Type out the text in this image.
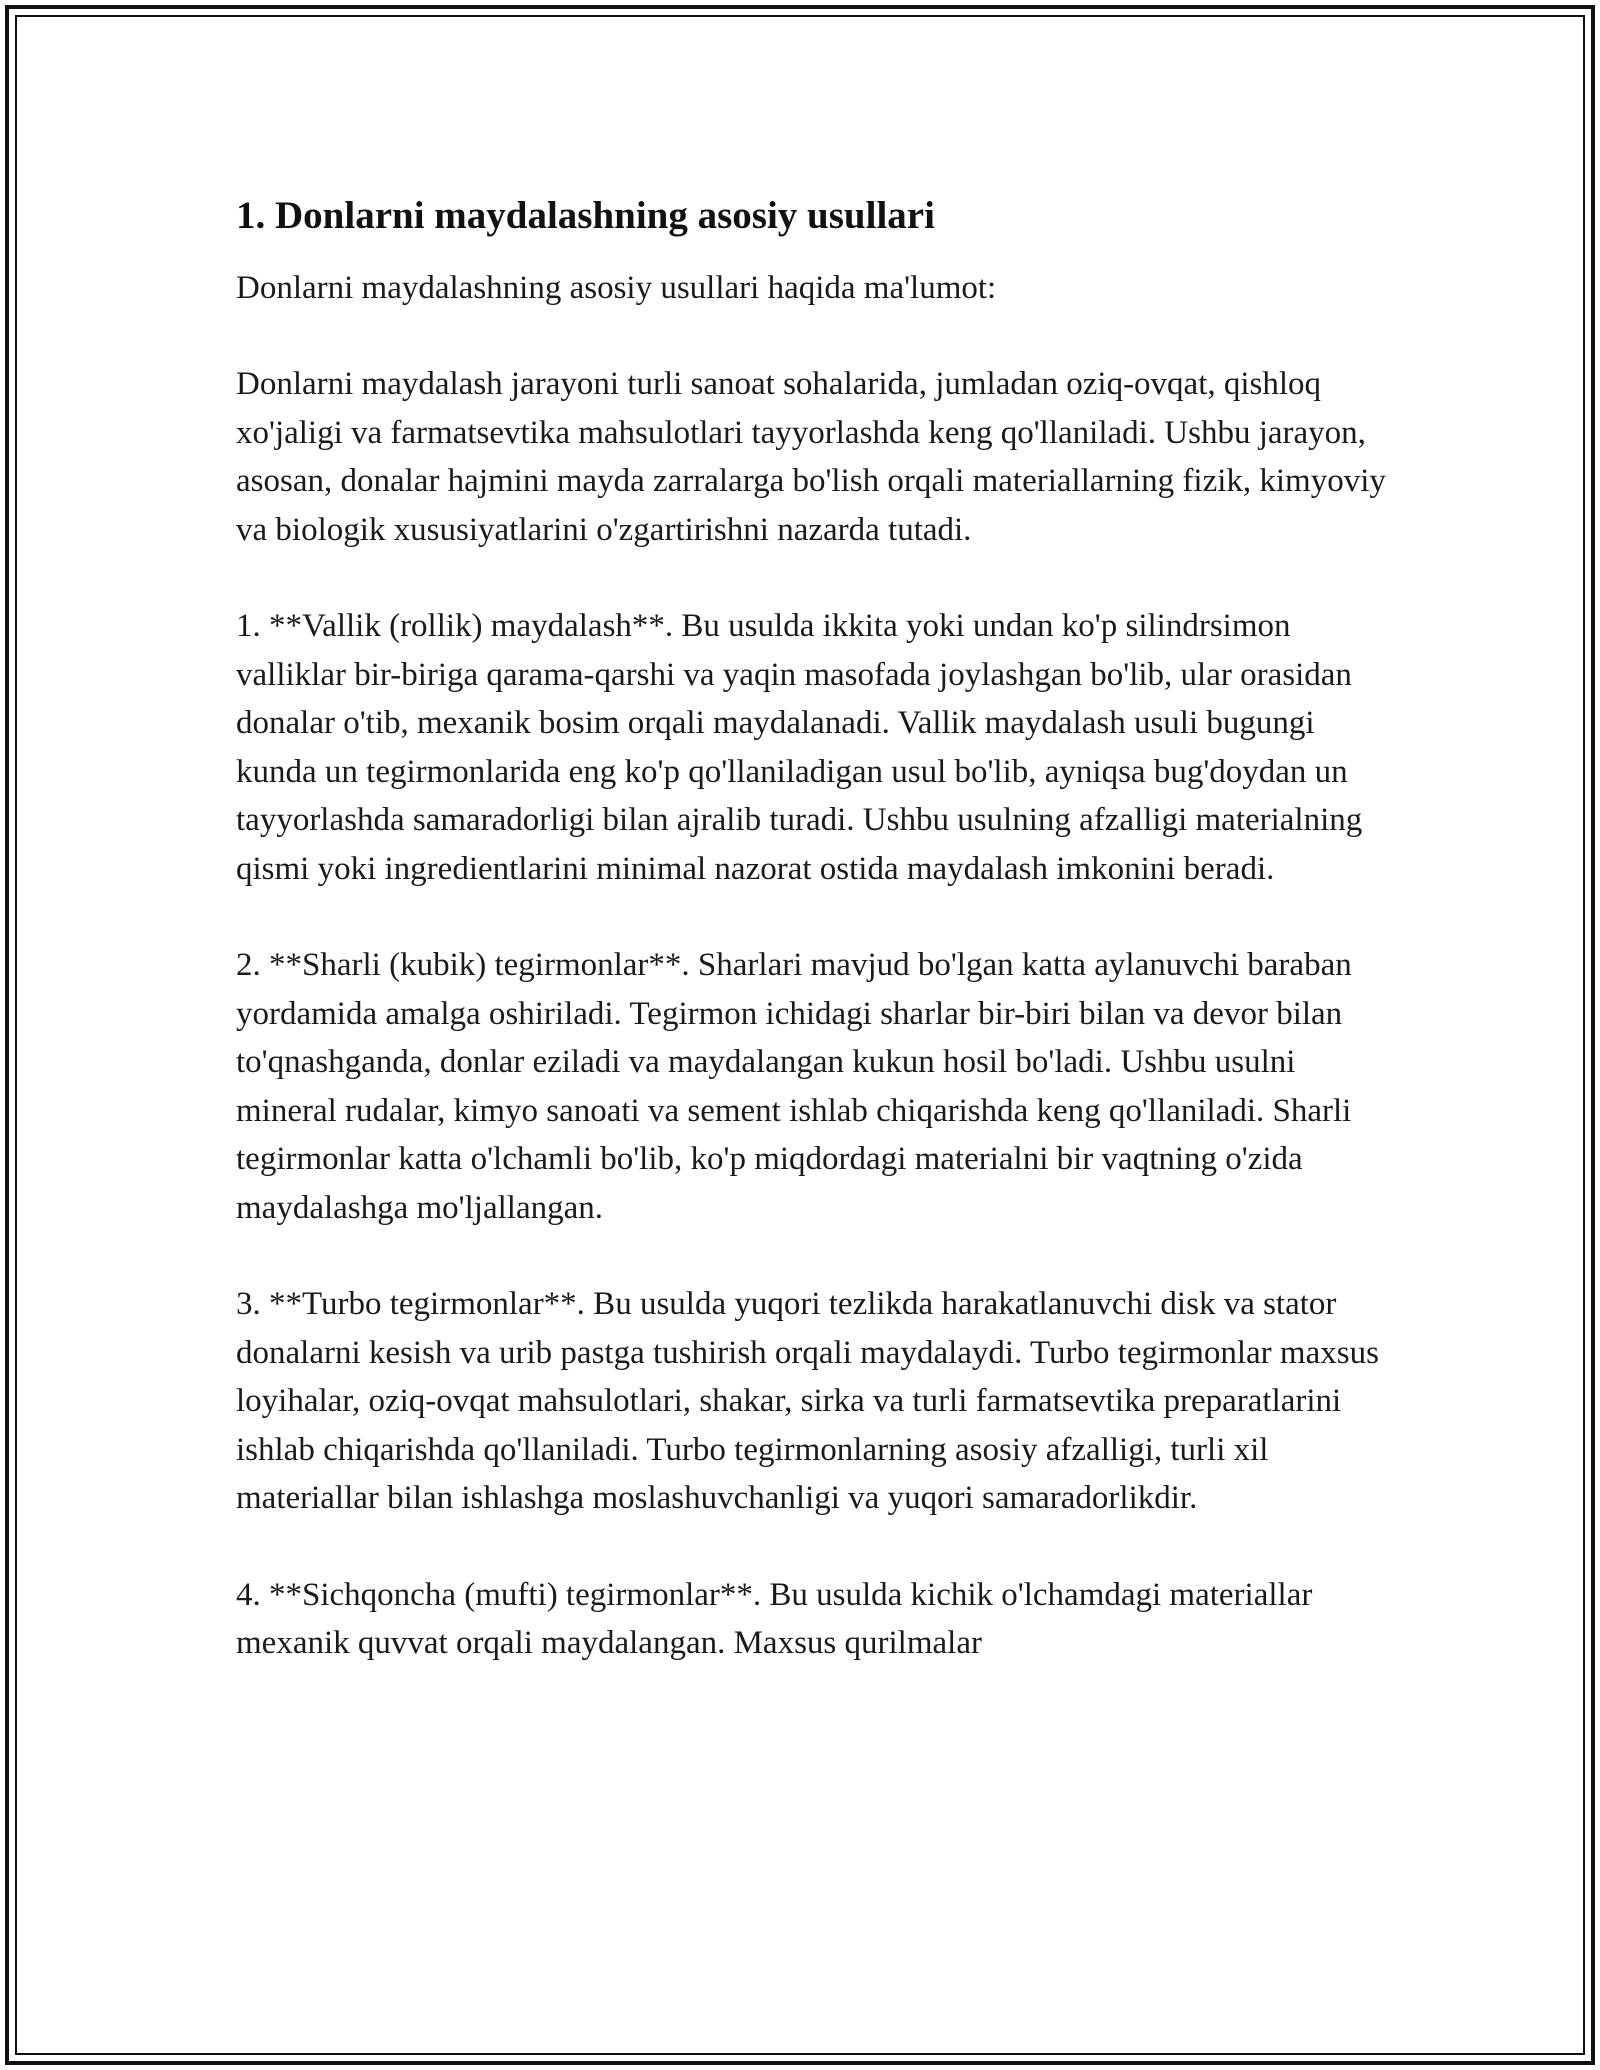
1. Donlarni maydalashning asosiy usullari

Donlarni maydalashning asosiy usullari haqida ma'lumot:

Donlarni maydalash jarayoni turli sanoat sohalarida, jumladan oziq-ovqat, qishloq xo'jaligi va farmatsevtika mahsulotlari tayyorlashda keng qo'llaniladi. Ushbu jarayon, asosan, donalar hajmini mayda zarralarga bo'lish orqali materiallarning fizik, kimyoviy va biologik xususiyatlarini o'zgartirishni nazarda tutadi.

1. **Vallik (rollik) maydalash**. Bu usulda ikkita yoki undan ko'p silindrsimon valliklar bir-biriga qarama-qarshi va yaqin masofada joylashgan bo'lib, ular orasidan donalar o'tib, mexanik bosim orqali maydalanadi. Vallik maydalash usuli bugungi kunda un tegirmonlarida eng ko'p qo'llaniladigan usul bo'lib, ayniqsa bug'doydan un tayyorlashda samaradorligi bilan ajralib turadi. Ushbu usulning afzalligi materialning qismi yoki ingredientlarini minimal nazorat ostida maydalash imkonini beradi.

2. **Sharli (kubik) tegirmonlar**. Sharlari mavjud bo'lgan katta aylanuvchi baraban yordamida amalga oshiriladi. Tegirmon ichidagi sharlar bir-biri bilan va devor bilan to'qnashganda, donlar eziladi va maydalangan kukun hosil bo'ladi. Ushbu usulni mineral rudalar, kimyo sanoati va sement ishlab chiqarishda keng qo'llaniladi. Sharli tegirmonlar katta o'lchamli bo'lib, ko'p miqdordagi materialni bir vaqtning o'zida maydalashga mo'ljallangan.

3. **Turbo tegirmonlar**. Bu usulda yuqori tezlikda harakatlanuvchi disk va stator donalarni kesish va urib pastga tushirish orqali maydalaydi. Turbo tegirmonlar maxsus loyihalar, oziq-ovqat mahsulotlari, shakar, sirka va turli farmatsevtika preparatlarini ishlab chiqarishda qo'llaniladi. Turbo tegirmonlarning asosiy afzalligi, turli xil materiallar bilan ishlashga moslashuvchanligi va yuqori samaradorlikdir.

4. **Sichqoncha (mufti) tegirmonlar**. Bu usulda kichik o'lchamdagi materiallar mexanik quvvat orqali maydalangan. Maxsus qurilmalar
